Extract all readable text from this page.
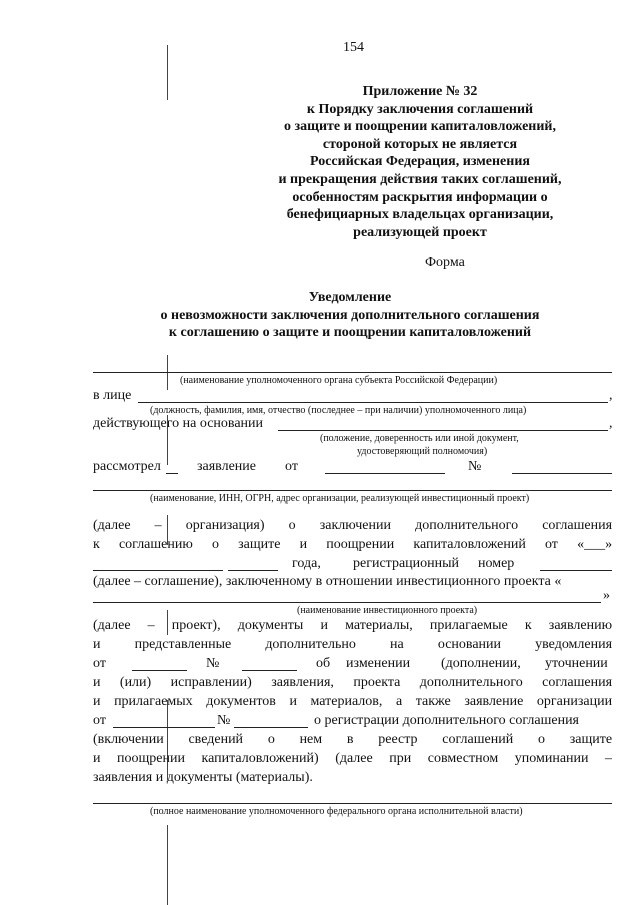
154
Приложение № 32
к Порядку заключения соглашений
о защите и поощрении капиталовложений,
стороной которых не является
Российская Федерация, изменения
и прекращения действия таких соглашений,
особенностям раскрытия информации о
бенефициарных владельцах организации,
реализующей проект
Форма
Уведомление
о невозможности заключения дополнительного соглашения
к соглашению о защите и поощрении капиталовложений
(наименование уполномоченного органа субъекта Российской Федерации)
в лице	,
(должность, фамилия, имя, отчество (последнее – при наличии) уполномоченного лица)
действующего на основании	,
(положение, доверенность или иной документ,
удостоверяющий полномочия)
рассмотрел	заявление от	№
(наименование, ИНН, ОГРН, адрес организации, реализующей инвестиционный проект)
(далее – организация) о заключении дополнительного соглашения
к соглашению о защите и поощрении капиталовложений от «___»
года, регистрационный номер
(далее – соглашение), заключенному в отношении инвестиционного проекта «
»
(наименование инвестиционного проекта)
(далее – проект), документы и материалы, прилагаемые к заявлению
и представленные дополнительно на основании уведомления
от	№	об изменении (дополнении, уточнении
и (или) исправлении) заявления, проекта дополнительного соглашения
и прилагаемых документов и материалов, а также заявление организации
от	№	о регистрации дополнительного соглашения
(включении сведений о нем в реестр соглашений о защите
и поощрении капиталовложений) (далее при совместном упоминании –
заявления и документы (материалы).
(полное наименование уполномоченного федерального органа исполнительной власти)
